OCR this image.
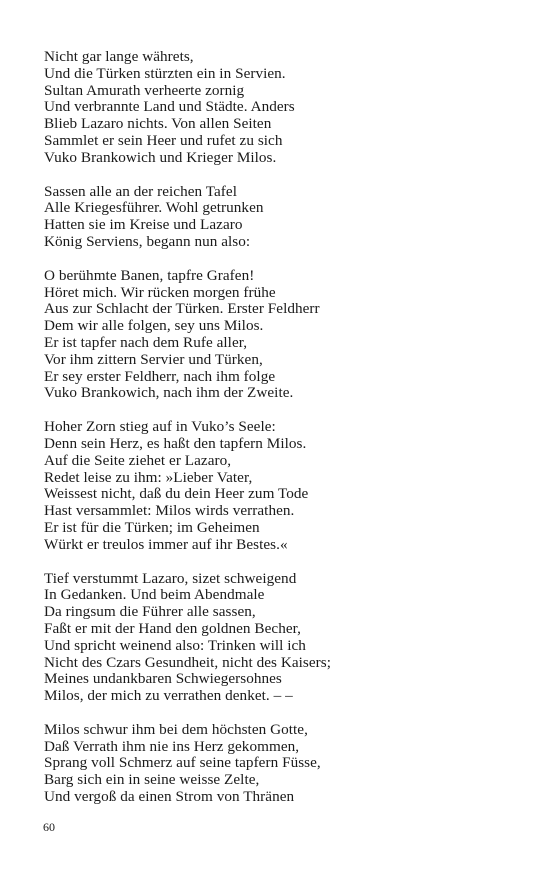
Nicht gar lange währets,
Und die Türken stürzten ein in Servien.
Sultan Amurath verheerte zornig
Und verbrannte Land und Städte. Anders
Blieb Lazaro nichts. Von allen Seiten
Sammlet er sein Heer und rufet zu sich
Vuko Brankowich und Krieger Milos.
Sassen alle an der reichen Tafel
Alle Kriegesführer. Wohl getrunken
Hatten sie im Kreise und Lazaro
König Serviens, begann nun also:
O berühmte Banen, tapfre Grafen!
Höret mich. Wir rücken morgen frühe
Aus zur Schlacht der Türken. Erster Feldherr
Dem wir alle folgen, sey uns Milos.
Er ist tapfer nach dem Rufe aller,
Vor ihm zittern Servier und Türken,
Er sey erster Feldherr, nach ihm folge
Vuko Brankowich, nach ihm der Zweite.
Hoher Zorn stieg auf in Vuko’s Seele:
Denn sein Herz, es haßt den tapfern Milos.
Auf die Seite ziehet er Lazaro,
Redet leise zu ihm: »Lieber Vater,
Weissest nicht, daß du dein Heer zum Tode
Hast versammlet: Milos wirds verrathen.
Er ist für die Türken; im Geheimen
Würkt er treulos immer auf ihr Bestes.«
Tief verstummt Lazaro, sizet schweigend
In Gedanken. Und beim Abendmale
Da ringsum die Führer alle sassen,
Faßt er mit der Hand den goldnen Becher,
Und spricht weinend also: Trinken will ich
Nicht des Czars Gesundheit, nicht des Kaisers;
Meines undankbaren Schwiegersohnes
Milos, der mich zu verrathen denket. – –
Milos schwur ihm bei dem höchsten Gotte,
Daß Verrath ihm nie ins Herz gekommen,
Sprang voll Schmerz auf seine tapfern Füsse,
Barg sich ein in seine weisse Zelte,
Und vergoß da einen Strom von Thränen
60
